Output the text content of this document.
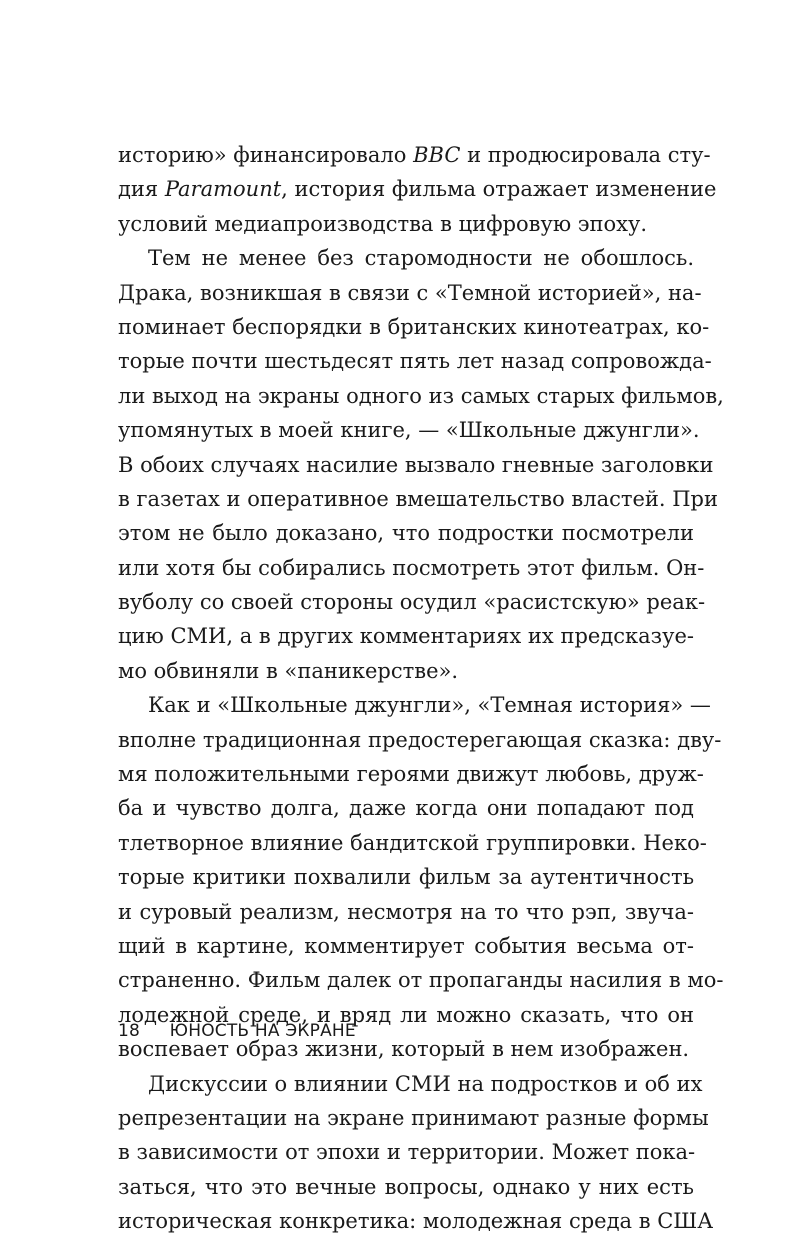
историю» финансировало BBC и продюсировала сту-
дия Paramount, история фильма отражает изменение
условий медиапроизводства в цифровую эпоху.
Тем не менее без старомодности не обошлось.
Драка, возникшая в связи с «Темной историей», на-
поминает беспорядки в британских кинотеатрах, ко-
торые почти шестьдесят пять лет назад сопровожда-
ли выход на экраны одного из самых старых фильмов,
упомянутых в моей книге, — «Школьные джунгли».
В обоих случаях насилие вызвало гневные заголовки
в газетах и оперативное вмешательство властей. При
этом не было доказано, что подростки посмотрели
или хотя бы собирались посмотреть этот фильм. Он-
вуболу со своей стороны осудил «расистскую» реак-
цию СМИ, а в других комментариях их предсказуе-
мо обвиняли в «паникерстве».
Как и «Школьные джунгли», «Темная история» —
вполне традиционная предостерегающая сказка: дву-
мя положительными героями движут любовь, друж-
ба и чувство долга, даже когда они попадают под
тлетворное влияние бандитской группировки. Неко-
торые критики похвалили фильм за аутентичность
и суровый реализм, несмотря на то что рэп, звуча-
щий в картине, комментирует события весьма от-
страненно. Фильм далек от пропаганды насилия в мо-
лодежной среде, и вряд ли можно сказать, что он
воспевает образ жизни, который в нем изображен.
Дискуссии о влиянии СМИ на подростков и об их
репрезентации на экране принимают разные формы
в зависимости от эпохи и территории. Может пока-
заться, что это вечные вопросы, однако у них есть
историческая конкретика: молодежная среда в США
18 ЮНОСТЬ НА ЭКРАНЕ
